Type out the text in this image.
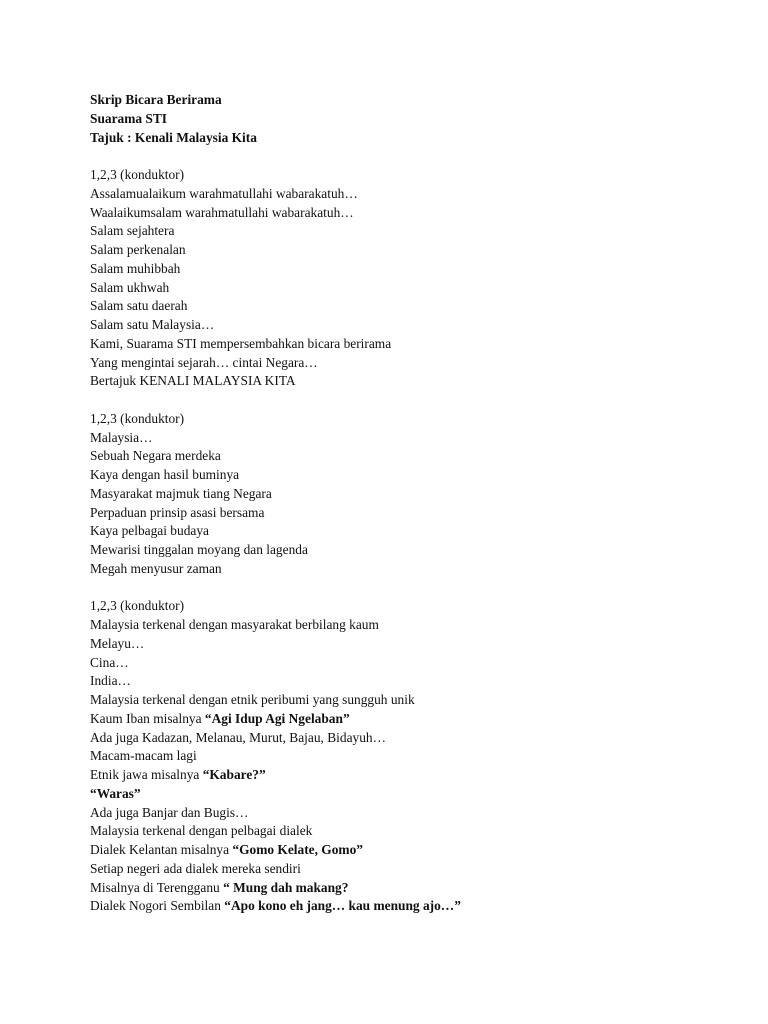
Skrip Bicara Berirama
Suarama STI
Tajuk : Kenali Malaysia Kita
1,2,3 (konduktor)
Assalamualaikum warahmatullahi wabarakatuh…
Waalaikumsalam warahmatullahi wabarakatuh…
Salam sejahtera
Salam perkenalan
Salam muhibbah
Salam ukhwah
Salam satu daerah
Salam satu Malaysia…
Kami, Suarama STI mempersembahkan bicara berirama
Yang mengintai sejarah… cintai Negara…
Bertajuk KENALI MALAYSIA KITA
1,2,3 (konduktor)
Malaysia…
Sebuah Negara merdeka
Kaya dengan hasil buminya
Masyarakat majmuk tiang Negara
Perpaduan prinsip asasi bersama
Kaya pelbagai budaya
Mewarisi tinggalan moyang dan lagenda
Megah menyusur zaman
1,2,3 (konduktor)
Malaysia terkenal dengan masyarakat berbilang kaum
Melayu…
Cina…
India…
Malaysia terkenal dengan etnik peribumi yang sungguh unik
Kaum Iban misalnya “Agi Idup Agi Ngelaban”
Ada juga Kadazan, Melanau, Murut, Bajau, Bidayuh…
Macam-macam lagi
Etnik jawa misalnya “Kabare?”
“Waras”
Ada juga Banjar dan Bugis…
Malaysia terkenal dengan pelbagai dialek
Dialek Kelantan misalnya “Gomo Kelate, Gomo”
Setiap negeri ada dialek mereka sendiri
Misalnya di Terengganu “ Mung dah makang?
Dialek Nogori Sembilan “Apo kono eh jang… kau menung ajo…”
